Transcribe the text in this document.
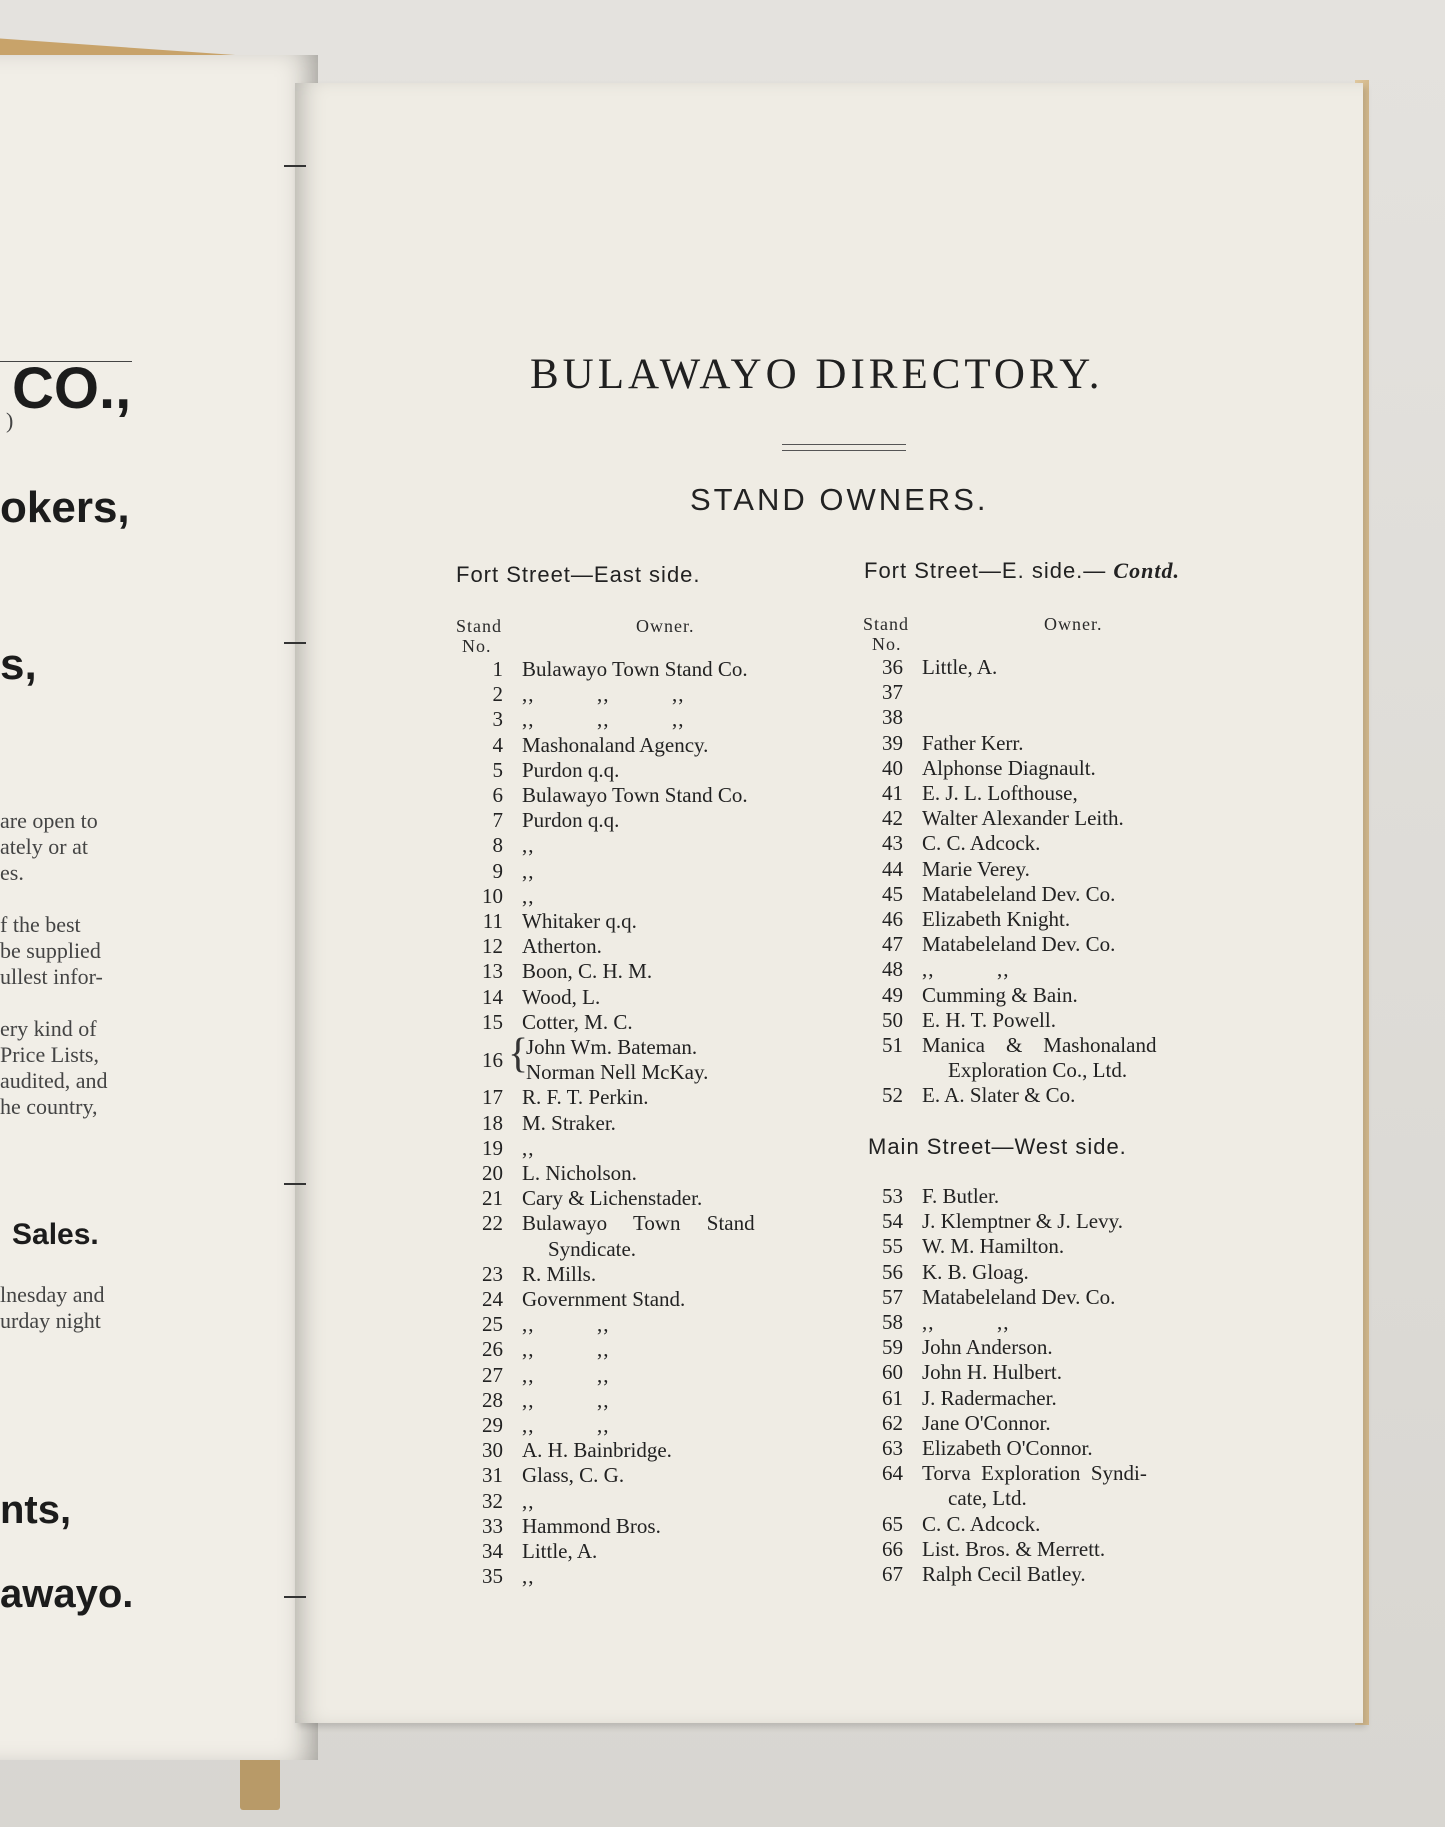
)
CO.,
okers,
s,
are open to
ately or at
es.
f the best
be supplied
ullest infor-
ery kind of
Price Lists,
audited, and
he country,
Sales.
lnesday and
urday night
nts,
awayo.
BULAWAYO DIRECTORY.
STAND OWNERS.
Fort Street—East side.
Stand
No.
Owner.
1 Bulawayo Town Stand Co.
2 ,,          ,,          ,,
3 ,,          ,,          ,,
4 Mashonaland Agency.
5 Purdon q.q.
6 Bulawayo Town Stand Co.
7 Purdon q.q.
8 ,,
9 ,,
10 ,,
11 Whitaker q.q.
12 Atherton.
13 Boon, C. H. M.
14 Wood, L.
15 Cotter, M. C.
16
John Wm. Bateman.
Norman Nell McKay.
{
17 R. F. T. Perkin.
18 M. Straker.
19 ,,
20 L. Nicholson.
21 Cary & Lichenstader.
22 Bulawayo     Town     Stand
Syndicate.
23 R. Mills.
24 Government Stand.
25 ,,          ,,
26 ,,          ,,
27 ,,          ,,
28 ,,          ,,
29 ,,          ,,
30 A. H. Bainbridge.
31 Glass, C. G.
32 ,,
33 Hammond Bros.
34 Little, A.
35 ,,
Fort Street—E. side.— Contd.
Stand
No.
Owner.
Main Street—West side.
36 Little, A.
37
38
39 Father Kerr.
40 Alphonse Diagnault.
41 E. J. L. Lofthouse,
42 Walter Alexander Leith.
43 C. C. Adcock.
44 Marie Verey.
45 Matabeleland Dev. Co.
46 Elizabeth Knight.
47 Matabeleland Dev. Co.
48 ,,          ,,
49 Cumming & Bain.
50 E. H. T. Powell.
51 Manica    &    Mashonaland
Exploration Co., Ltd.
52 E. A. Slater & Co.
53 F. Butler.
54 J. Klemptner & J. Levy.
55 W. M. Hamilton.
56 K. B. Gloag.
57 Matabeleland Dev. Co.
58 ,,          ,,
59 John Anderson.
60 John H. Hulbert.
61 J. Radermacher.
62 Jane O'Connor.
63 Elizabeth O'Connor.
64 Torva  Exploration  Syndi-
cate, Ltd.
65 C. C. Adcock.
66 List. Bros. & Merrett.
67 Ralph Cecil Batley.
